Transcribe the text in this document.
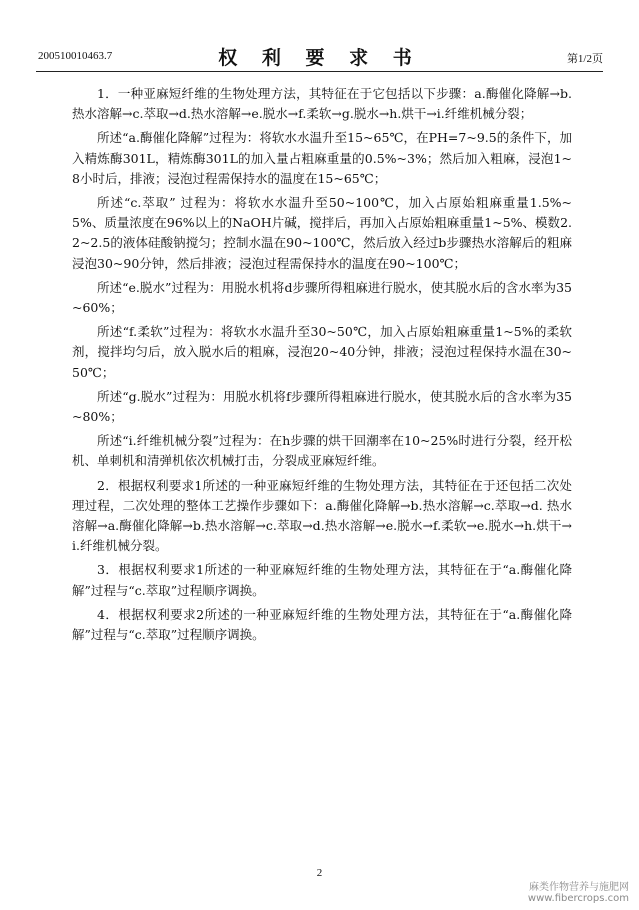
200510010463.7	权 利 要 求 书	第1/2页

1．一种亚麻短纤维的生物处理方法，其特征在于它包括以下步骤：a.酶催化降解→b.热水溶解→c.萃取→d.热水溶解→e.脱水→f.柔软→g.脱水→h.烘干→i.纤维机械分裂；

所述“a.酶催化降解”过程为：将软水水温升至15~65℃，在PH=7~9.5的条件下，加入精炼酶301L，精炼酶301L的加入量占粗麻重量的0.5%~3%；然后加入粗麻，浸泡1~8小时后，排液；浸泡过程需保持水的温度在15~65℃；

所述“c.萃取” 过程为：将软水水温升至50~100℃，加入占原始粗麻重量1.5%~5%、质量浓度在96%以上的NaOH片碱，搅拌后，再加入占原始粗麻重量1~5%、模数2.2~2.5的液体硅酸钠搅匀；控制水温在90~100℃，然后放入经过b步骤热水溶解后的粗麻浸泡30~90分钟，然后排液；浸泡过程需保持水的温度在90~100℃；

所述“e.脱水”过程为：用脱水机将d步骤所得粗麻进行脱水，使其脱水后的含水率为35~60%；

所述“f.柔软”过程为：将软水水温升至30~50℃，加入占原始粗麻重量1~5%的柔软剂，搅拌均匀后，放入脱水后的粗麻，浸泡20~40分钟，排液；浸泡过程保持水温在30~50℃；

所述“g.脱水”过程为：用脱水机将f步骤所得粗麻进行脱水，使其脱水后的含水率为35~80%；

所述“i.纤维机械分裂”过程为：在h步骤的烘干回潮率在10~25%时进行分裂，经开松机、单刺机和清弹机依次机械打击，分裂成亚麻短纤维。

2．根据权利要求1所述的一种亚麻短纤维的生物处理方法，其特征在于还包括二次处理过程，二次处理的整体工艺操作步骤如下：a.酶催化降解→b.热水溶解→c.萃取→d. 热水溶解→a.酶催化降解→b.热水溶解→c.萃取→d.热水溶解→e.脱水→f.柔软→e.脱水→h.烘干→i.纤维机械分裂。

3．根据权利要求1所述的一种亚麻短纤维的生物处理方法，其特征在于“a.酶催化降解”过程与“c.萃取”过程顺序调换。

4．根据权利要求2所述的一种亚麻短纤维的生物处理方法，其特征在于“a.酶催化降解”过程与“c.萃取”过程顺序调换。

2
麻类作物营养与施肥网
www.fibercrops.com
